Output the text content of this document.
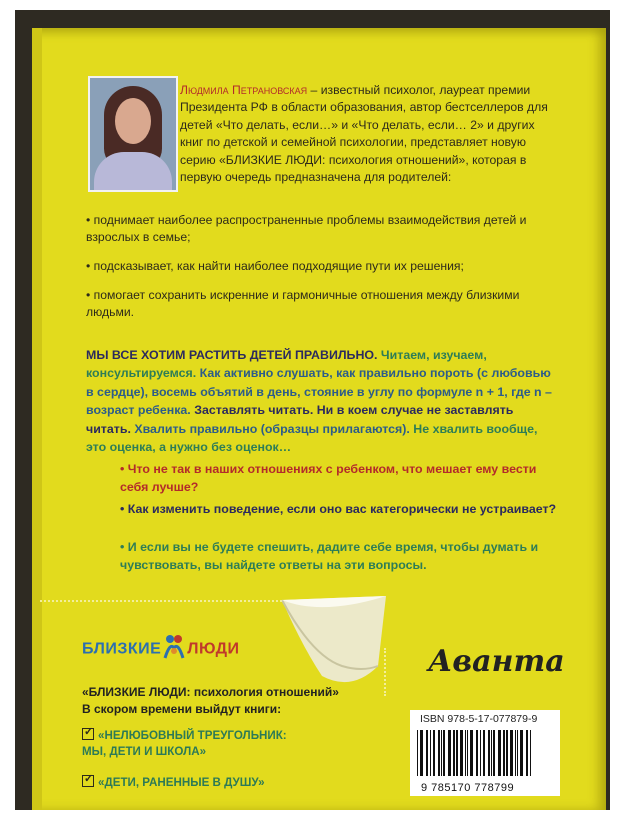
Людмила Петрановская – известный психолог, лауреат премии Президента РФ в области образования, автор бестселлеров для детей «Что делать, если…» и «Что делать, если… 2» и других книг по детской и семейной психологии, представляет новую серию «БЛИЗКИЕ ЛЮДИ: психология отношений», которая в первую очередь предназначена для родителей:
• поднимает наиболее распространенные проблемы взаимодействия детей и взрослых в семье;
• подсказывает, как найти наиболее подходящие пути их решения;
• помогает сохранить искренние и гармоничные отношения между близкими людьми.
МЫ ВСЕ ХОТИМ РАСТИТЬ ДЕТЕЙ ПРАВИЛЬНО. Читаем, изучаем, консультируемся. Как активно слушать, как правильно пороть (с любовью в сердце), восемь объятий в день, стояние в углу по формуле n + 1, где n – возраст ребенка. Заставлять читать. Ни в коем случае не заставлять читать. Хвалить правильно (образцы прилагаются). Не хвалить вообще, это оценка, а нужно без оценок…
• Что не так в наших отношениях с ребенком, что мешает ему вести себя лучше?
• Как изменить поведение, если оно вас категорически не устраивает?
• И если вы не будете спешить, дадите себе время, чтобы думать и чувствовать, вы найдете ответы на эти вопросы.
БЛИЗКИЕ ЛЮДИ
«БЛИЗКИЕ ЛЮДИ: психология отношений»
В скором времени выйдут книги:
✓«НЕЛЮБОВНЫЙ ТРЕУГОЛЬНИК:
МЫ, ДЕТИ И ШКОЛА»
✓«ДЕТИ, РАНЕННЫЕ В ДУШУ»
Аванта
ISBN 978-5-17-077879-9
9 785170 778799
